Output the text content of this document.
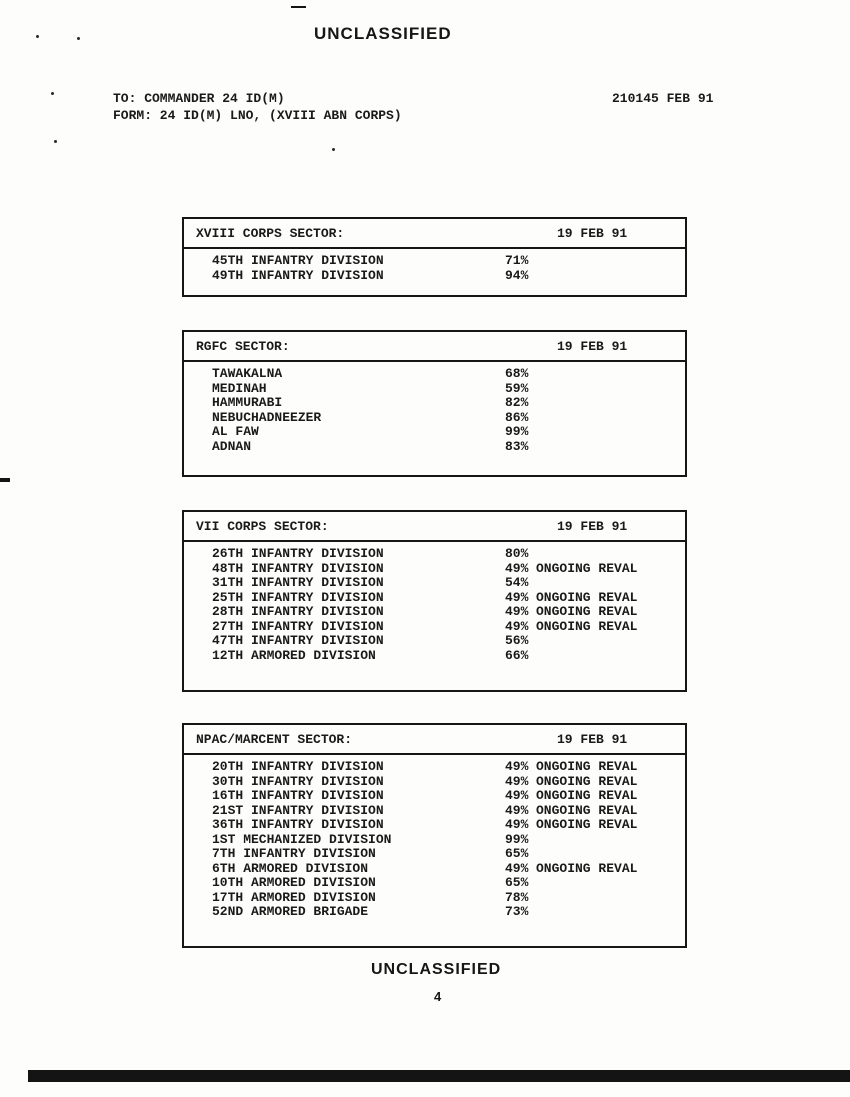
UNCLASSIFIED
TO: COMMANDER 24 ID(M)	210145 FEB 91
FORM: 24 ID(M) LNO, (XVIII ABN CORPS)
XVIII CORPS SECTOR:	19 FEB 91
45TH INFANTRY DIVISION	71%
49TH INFANTRY DIVISION	94%
RGFC SECTOR:	19 FEB 91
TAWAKALNA	68%
MEDINAH	59%
HAMMURABI	82%
NEBUCHADNEEZER	86%
AL FAW	99%
ADNAN	83%
VII CORPS SECTOR:	19 FEB 91
26TH INFANTRY DIVISION	80%
48TH INFANTRY DIVISION	49% ONGOING REVAL
31TH INFANTRY DIVISION	54%
25TH INFANTRY DIVISION	49% ONGOING REVAL
28TH INFANTRY DIVISION	49% ONGOING REVAL
27TH INFANTRY DIVISION	49% ONGOING REVAL
47TH INFANTRY DIVISION	56%
12TH ARMORED DIVISION	66%
NPAC/MARCENT SECTOR:	19 FEB 91
20TH INFANTRY DIVISION	49% ONGOING REVAL
30TH INFANTRY DIVISION	49% ONGOING REVAL
16TH INFANTRY DIVISION	49% ONGOING REVAL
21ST INFANTRY DIVISION	49% ONGOING REVAL
36TH INFANTRY DIVISION	49% ONGOING REVAL
1ST MECHANIZED DIVISION	99%
7TH INFANTRY DIVISION	65%
6TH ARMORED DIVISION	49% ONGOING REVAL
10TH ARMORED DIVISION	65%
17TH ARMORED DIVISION	78%
52ND ARMORED BRIGADE	73%
UNCLASSIFIED
4
